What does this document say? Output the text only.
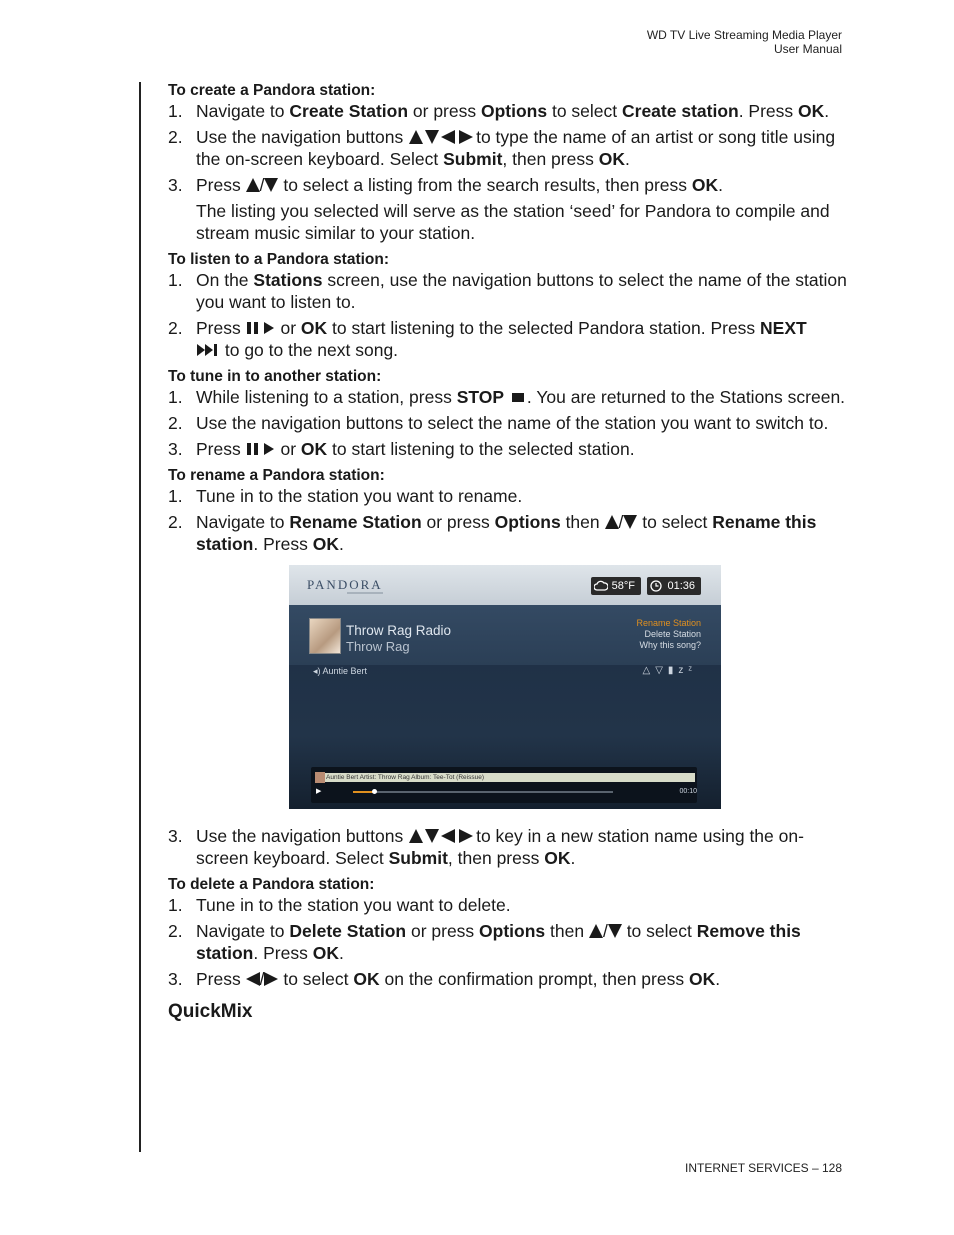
WD TV Live Streaming Media Player
User Manual
To create a Pandora station:
1. Navigate to Create Station or press Options to select Create station. Press OK.
2. Use the navigation buttons	to type the name of an artist or song title using the on-screen keyboard. Select Submit, then press OK.
3. Press / to select a listing from the search results, then press OK.
The listing you selected will serve as the station ‘seed’ for Pandora to compile and stream music similar to your station.
To listen to a Pandora station:
1. On the Stations screen, use the navigation buttons to select the name of the station you want to listen to.
2. Press  or OK to start listening to the selected Pandora station. Press NEXT
to go to the next song.
To tune in to another station:
1. While listening to a station, press STOP . You are returned to the Stations screen.
2. Use the navigation buttons to select the name of the station you want to switch to.
3. Press  or OK to start listening to the selected station.
To rename a Pandora station:
1. Tune in to the station you want to rename.
2. Navigate to Rename Station or press Options then / to select Rename this station. Press OK.
PANDORA	58°F	01:36
Throw Rag Radio
Throw Rag
Rename Station
Delete Station
Why this song?
◂) Auntie Bert	△▽▮zᶻ
Auntie Bert Artist: Throw Rag Album: Tee-Tot (Reissue)
▶	00:10
3. Use the navigation buttons	to key in a new station name using the on-screen keyboard. Select Submit, then press OK.
To delete a Pandora station:
1. Tune in to the station you want to delete.
2. Navigate to Delete Station or press Options then / to select Remove this station. Press OK.
3. Press / to select OK on the confirmation prompt, then press OK.
QuickMix
INTERNET SERVICES – 128
